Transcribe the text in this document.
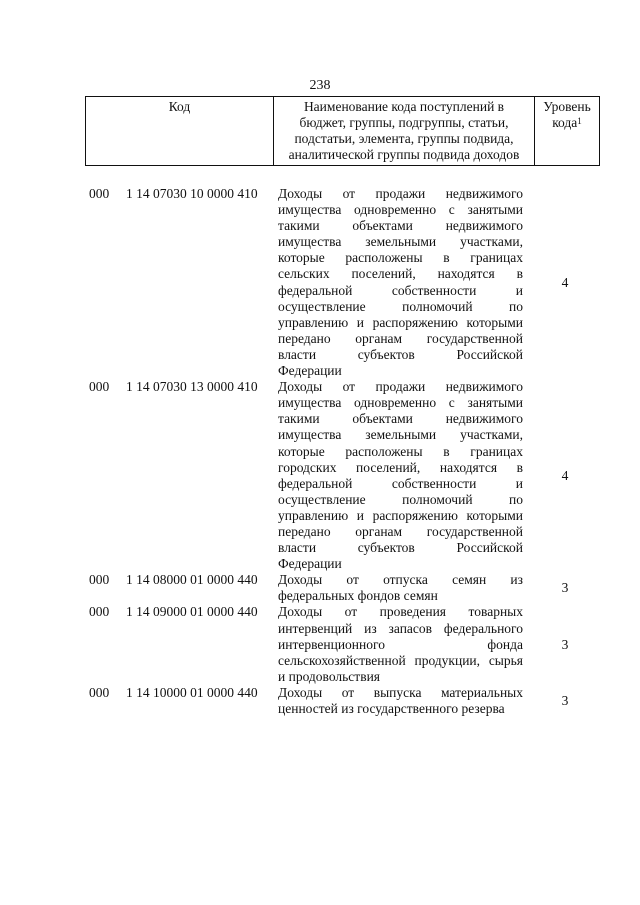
238
Код	Наименование кода поступлений в
бюджет, группы, подгруппы, статьи,
подстатьи, элемента, группы подвида,
аналитической группы подвида доходов

Уровень
кода$^1$
000	1 14 07030 10 0000 410	Доходы от продажи недвижимого
имущества одновременно с занятыми
такими объектами недвижимого
имущества земельными участками,
которые расположены в границах
сельских поселений, находятся в
федеральной собственности и
осуществление полномочий по
управлению и распоряжению которыми
передано органам государственной
власти субъектов Российской
Федерации
4
000	1 14 07030 13 0000 410	Доходы от продажи недвижимого
имущества одновременно с занятыми
такими объектами недвижимого
имущества земельными участками,
которые расположены в границах
городских поселений, находятся в
федеральной собственности и
осуществление полномочий по
управлению и распоряжению которыми
передано органам государственной
власти субъектов Российской
Федерации
4
000	1 14 08000 01 0000 440	Доходы от отпуска семян из
федеральных фондов семян
3
000	1 14 09000 01 0000 440	Доходы от проведения товарных
интервенций из запасов федерального
интервенционного фонда
сельскохозяйственной продукции, сырья
и продовольствия
3
000	1 14 10000 01 0000 440	Доходы от выпуска материальных
ценностей из государственного резерва
3
